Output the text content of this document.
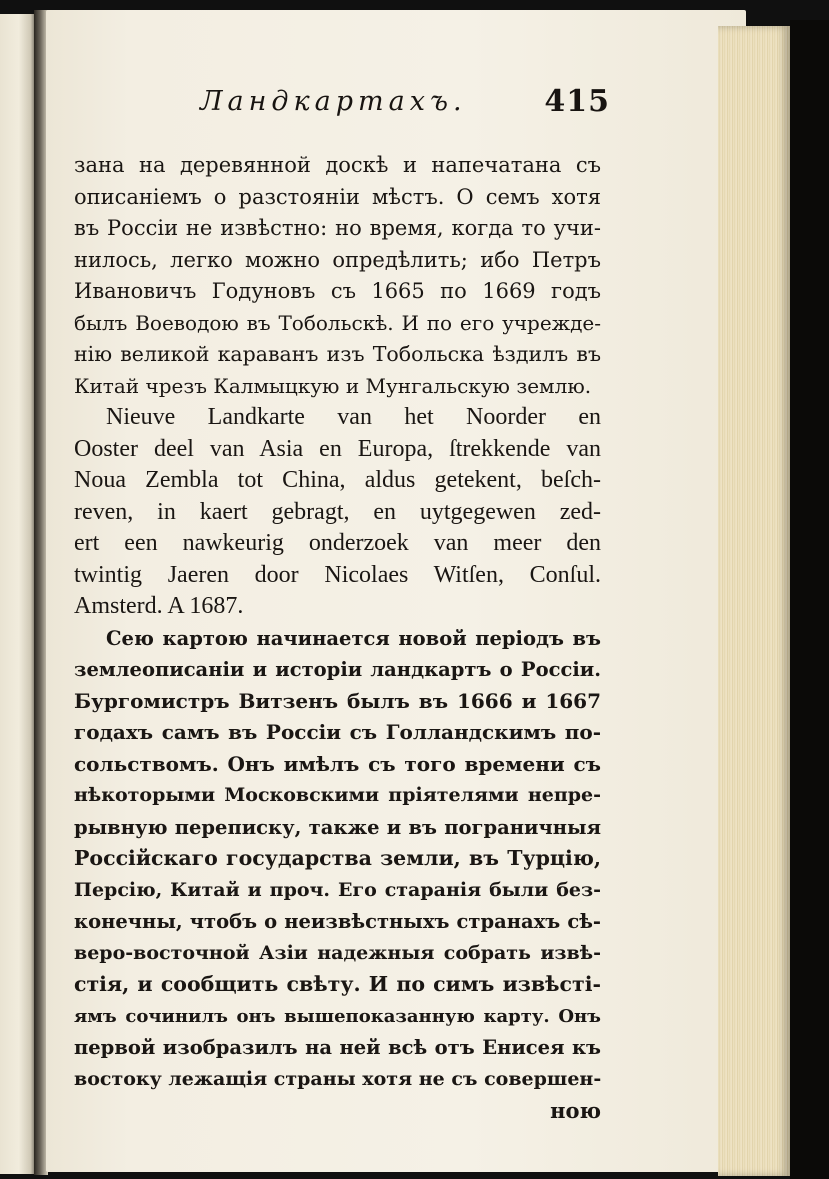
Ландкартахъ.	415
зана на деревянной доскѣ и напечатана съ
описанiемъ о разстоянiи мѣстъ. О семъ хотя
въ Россiи не извѣстно: но время, когда то учи-
нилось, легко можно опредѣлить; ибо Петръ
Ивановичъ Годуновъ съ 1665 по 1669 годъ
былъ Воеводою въ Тобольскѣ. И по его учрежде-
нiю великой караванъ изъ Тобольска ѣздилъ въ
Китай чрезъ Калмыцкую и Мунгальскую землю.
Nieuve Landkarte van het Noorder en
Ooster deel van Asia en Europa, ſtrekkende van
Noua Zembla tot China, aldus getekent, beſch-
reven, in kaert gebragt, en uytgegewen zed-
ert een nawkeurig onderzoek van meer den
twintig Jaeren door Nicolaes Witſen, Conſul.
Amsterd. A 1687.
Сею картою начинается новой перiодъ въ
землеописанiи и исторiи ландкартъ о Россiи.
Бургомистръ Витзенъ былъ въ 1666 и 1667
годахъ самъ въ Россiи съ Голландскимъ по-
сольствомъ. Онъ имѣлъ съ того времени съ
нѣкоторыми Московскими прiятелями непре-
рывную переписку, также и въ пограничныя
Россiйскаго государства земли, въ Турцiю,
Персiю, Китай и проч. Его старанiя были без-
конечны, чтобъ о неизвѣстныхъ странахъ сѣ-
веро-восточной Азiи надежныя собрать извѣ-
стiя, и сообщить свѣту. И по симъ извѣстi-
ямъ сочинилъ онъ вышепоказанную карту. Онъ
первой изобразилъ на ней всѣ отъ Енисея къ
востоку лежащiя страны хотя не съ совершен-
ною
